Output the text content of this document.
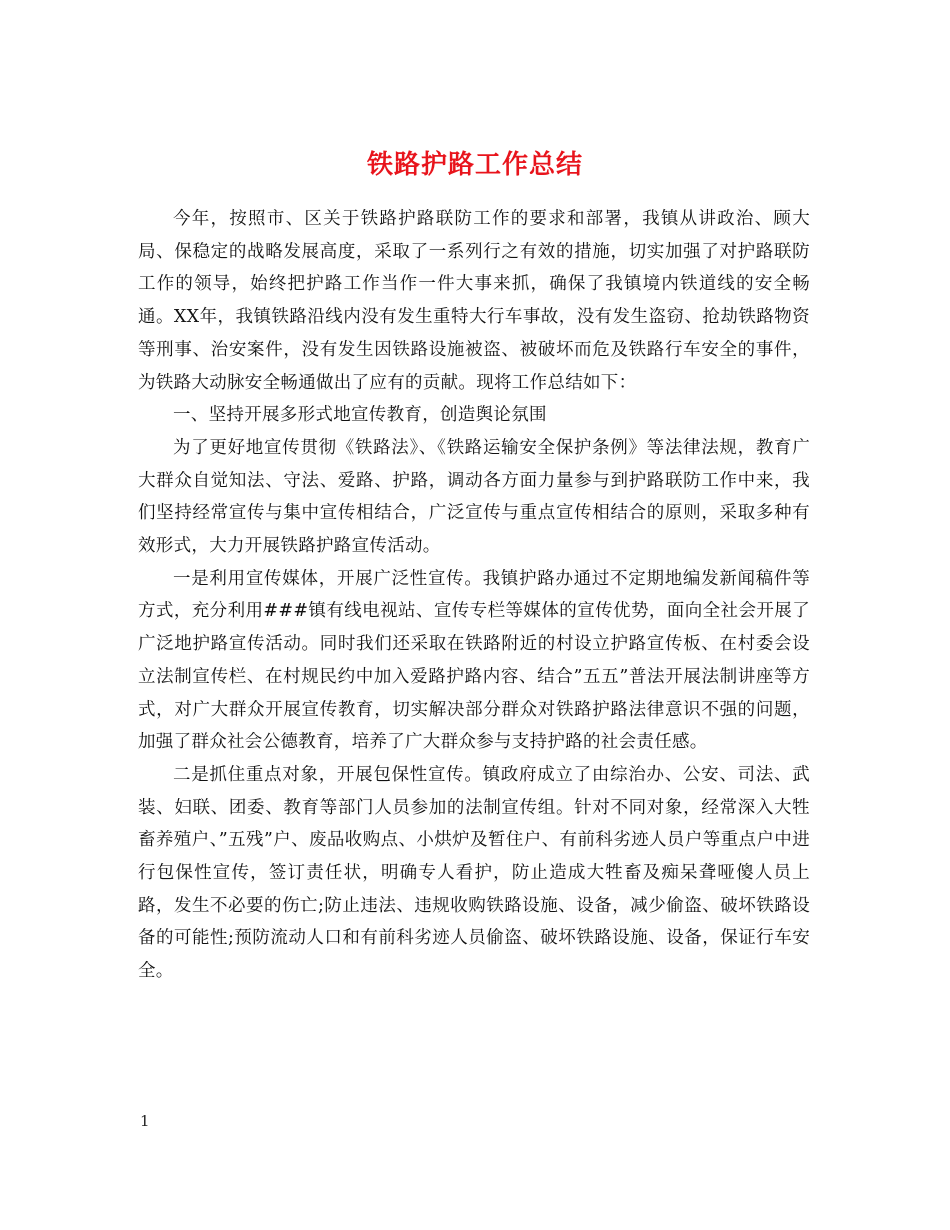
铁路护路工作总结

今年，按照市、区关于铁路护路联防工作的要求和部署，我镇从讲政治、顾大局、保稳定的战略发展高度，采取了一系列行之有效的措施，切实加强了对护路联防工作的领导，始终把护路工作当作一件大事来抓，确保了我镇境内铁道线的安全畅通。XX年，我镇铁路沿线内没有发生重特大行车事故，没有发生盗窃、抢劫铁路物资等刑事、治安案件，没有发生因铁路设施被盗、被破坏而危及铁路行车安全的事件，为铁路大动脉安全畅通做出了应有的贡献。现将工作总结如下：

一、坚持开展多形式地宣传教育，创造舆论氛围

为了更好地宣传贯彻《铁路法》、《铁路运输安全保护条例》等法律法规，教育广大群众自觉知法、守法、爱路、护路，调动各方面力量参与到护路联防工作中来，我们坚持经常宣传与集中宣传相结合，广泛宣传与重点宣传相结合的原则，采取多种有效形式，大力开展铁路护路宣传活动。

一是利用宣传媒体，开展广泛性宣传。我镇护路办通过不定期地编发新闻稿件等方式，充分利用###镇有线电视站、宣传专栏等媒体的宣传优势，面向全社会开展了广泛地护路宣传活动。同时我们还采取在铁路附近的村设立护路宣传板、在村委会设立法制宣传栏、在村规民约中加入爱路护路内容、结合”五五”普法开展法制讲座等方式，对广大群众开展宣传教育，切实解决部分群众对铁路护路法律意识不强的问题，加强了群众社会公德教育，培养了广大群众参与支持护路的社会责任感。

二是抓住重点对象，开展包保性宣传。镇政府成立了由综治办、公安、司法、武装、妇联、团委、教育等部门人员参加的法制宣传组。针对不同对象，经常深入大牲畜养殖户、”五残”户、废品收购点、小烘炉及暂住户、有前科劣迹人员户等重点户中进行包保性宣传，签订责任状，明确专人看护，防止造成大牲畜及痴呆聋哑傻人员上路，发生不必要的伤亡;防止违法、违规收购铁路设施、设备，减少偷盗、破坏铁路设备的可能性;预防流动人口和有前科劣迹人员偷盗、破坏铁路设施、设备，保证行车安全。

1
